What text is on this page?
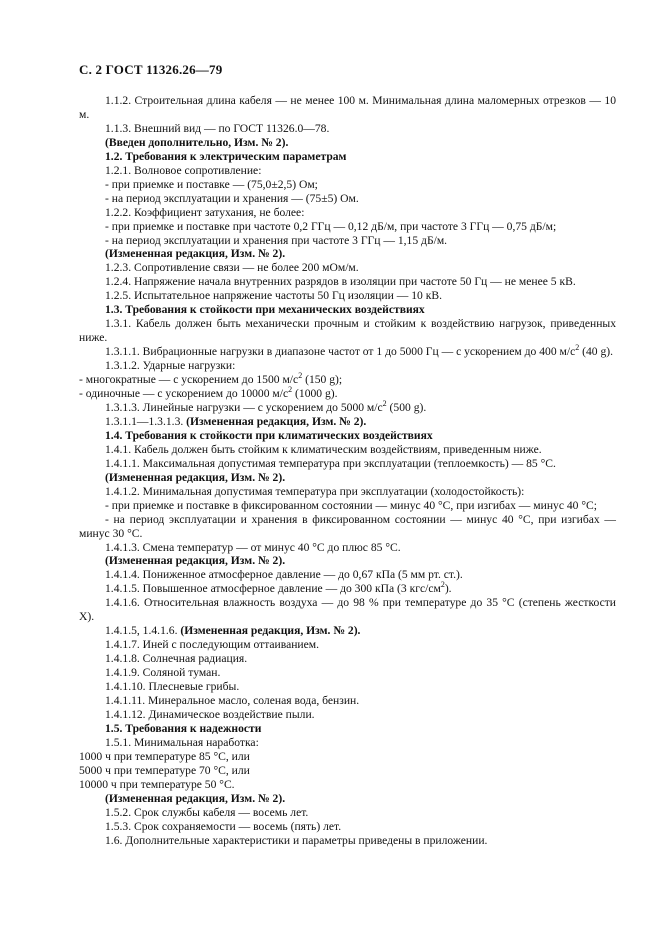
С. 2 ГОСТ 11326.26—79

1.1.2. Строительная длина кабеля — не менее 100 м. Минимальная длина маломерных отрезков — 10 м.

1.1.3. Внешний вид — по ГОСТ 11326.0—78.

(Введен дополнительно, Изм. № 2).

1.2. Требования к электрическим параметрам

1.2.1. Волновое сопротивление:

- при приемке и поставке — (75,0±2,5) Ом;

- на период эксплуатации и хранения — (75±5) Ом.

1.2.2. Коэффициент затухания, не более:

- при приемке и поставке при частоте 0,2 ГГц — 0,12 дБ/м, при частоте 3 ГГц — 0,75 дБ/м;

- на период эксплуатации и хранения при частоте 3 ГГц — 1,15 дБ/м.

(Измененная редакция, Изм. № 2).

1.2.3. Сопротивление связи — не более 200 мОм/м.

1.2.4. Напряжение начала внутренних разрядов в изоляции при частоте 50 Гц — не менее 5 кВ.

1.2.5. Испытательное напряжение частоты 50 Гц изоляции — 10 кВ.

1.3. Требования к стойкости при механических воздействиях

1.3.1. Кабель должен быть механически прочным и стойким к воздействию нагрузок, приведенных ниже.

1.3.1.1. Вибрационные нагрузки в диапазоне частот от 1 до 5000 Гц — с ускорением до 400 $м/с^2$ (40 g).

1.3.1.2. Ударные нагрузки:

- многократные — с ускорением до 1500 $м/с^2$ (150 g);

- одиночные — с ускорением до 10000 $м/с^2$ (1000 g).

1.3.1.3. Линейные нагрузки — с ускорением до 5000 $м/с^2$ (500 g).

1.3.1.1—1.3.1.3. (Измененная редакция, Изм. № 2).

1.4. Требования к стойкости при климатических воздействиях

1.4.1. Кабель должен быть стойким к климатическим воздействиям, приведенным ниже.

1.4.1.1. Максимальная допустимая температура при эксплуатации (теплоемкость) — 85 °С.

(Измененная редакция, Изм. № 2).

1.4.1.2. Минимальная допустимая температура при эксплуатации (холодостойкость):

- при приемке и поставке в фиксированном состоянии — минус 40 °С, при изгибах — минус 40 °С;

- на период эксплуатации и хранения в фиксированном состоянии — минус 40 °С, при изгибах — минус 30 °С.

1.4.1.3. Смена температур — от минус 40 °С до плюс 85 °С.

(Измененная редакция, Изм. № 2).

1.4.1.4. Пониженное атмосферное давление — до 0,67 кПа (5 мм рт. ст.).

1.4.1.5. Повышенное атмосферное давление — до 300 кПа (3 кгс/$см^2$).

1.4.1.6. Относительная влажность воздуха — до 98 % при температуре до 35 °С (степень жесткости X).

1.4.1.5, 1.4.1.6. (Измененная редакция, Изм. № 2).

1.4.1.7. Иней с последующим оттаиванием.

1.4.1.8. Солнечная радиация.

1.4.1.9. Соляной туман.

1.4.1.10. Плесневые грибы.

1.4.1.11. Минеральное масло, соленая вода, бензин.

1.4.1.12. Динамическое воздействие пыли.

1.5. Требования к надежности

1.5.1. Минимальная наработка:

1000 ч при температуре 85 °С, или

5000 ч при температуре 70 °С, или

10000 ч при температуре 50 °С.

(Измененная редакция, Изм. № 2).

1.5.2. Срок службы кабеля — восемь лет.

1.5.3. Срок сохраняемости — восемь (пять) лет.

1.6. Дополнительные характеристики и параметры приведены в приложении.
